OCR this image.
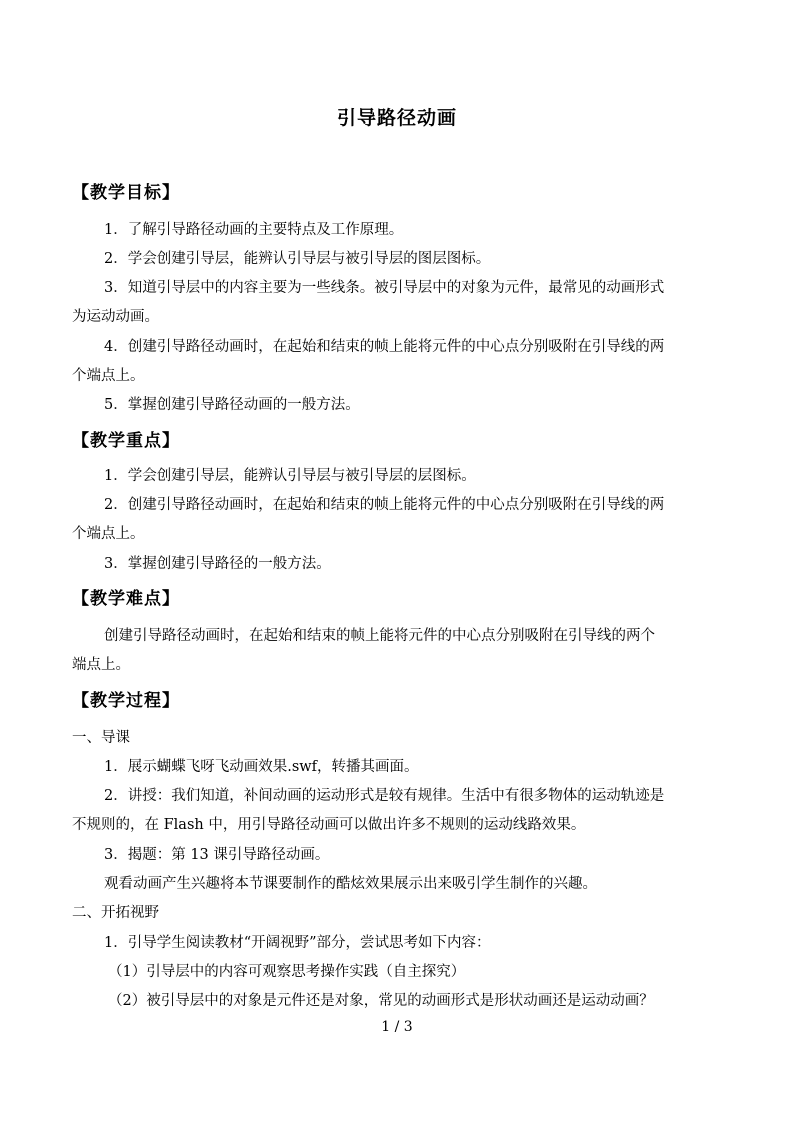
引导路径动画
【教学目标】
1．了解引导路径动画的主要特点及工作原理。
2．学会创建引导层，能辨认引导层与被引导层的图层图标。
3．知道引导层中的内容主要为一些线条。被引导层中的对象为元件，最常见的动画形式
为运动动画。
4．创建引导路径动画时，在起始和结束的帧上能将元件的中心点分别吸附在引导线的两
个端点上。
5．掌握创建引导路径动画的一般方法。
【教学重点】
1．学会创建引导层，能辨认引导层与被引导层的层图标。
2．创建引导路径动画时，在起始和结束的帧上能将元件的中心点分别吸附在引导线的两
个端点上。
3．掌握创建引导路径的一般方法。
【教学难点】
创建引导路径动画时，在起始和结束的帧上能将元件的中心点分别吸附在引导线的两个
端点上。
【教学过程】
一、导课
1．展示蝴蝶飞呀飞动画效果.swf，转播其画面。
2．讲授：我们知道，补间动画的运动形式是较有规律。生活中有很多物体的运动轨迹是
不规则的，在 Flash 中，用引导路径动画可以做出许多不规则的运动线路效果。
3．揭题：第 13 课引导路径动画。
观看动画产生兴趣将本节课要制作的酷炫效果展示出来吸引学生制作的兴趣。
二、开拓视野
1．引导学生阅读教材“开阔视野”部分，尝试思考如下内容：
（1）引导层中的内容可观察思考操作实践（自主探究）
（2）被引导层中的对象是元件还是对象，常见的动画形式是形状动画还是运动动画？
1 / 3
